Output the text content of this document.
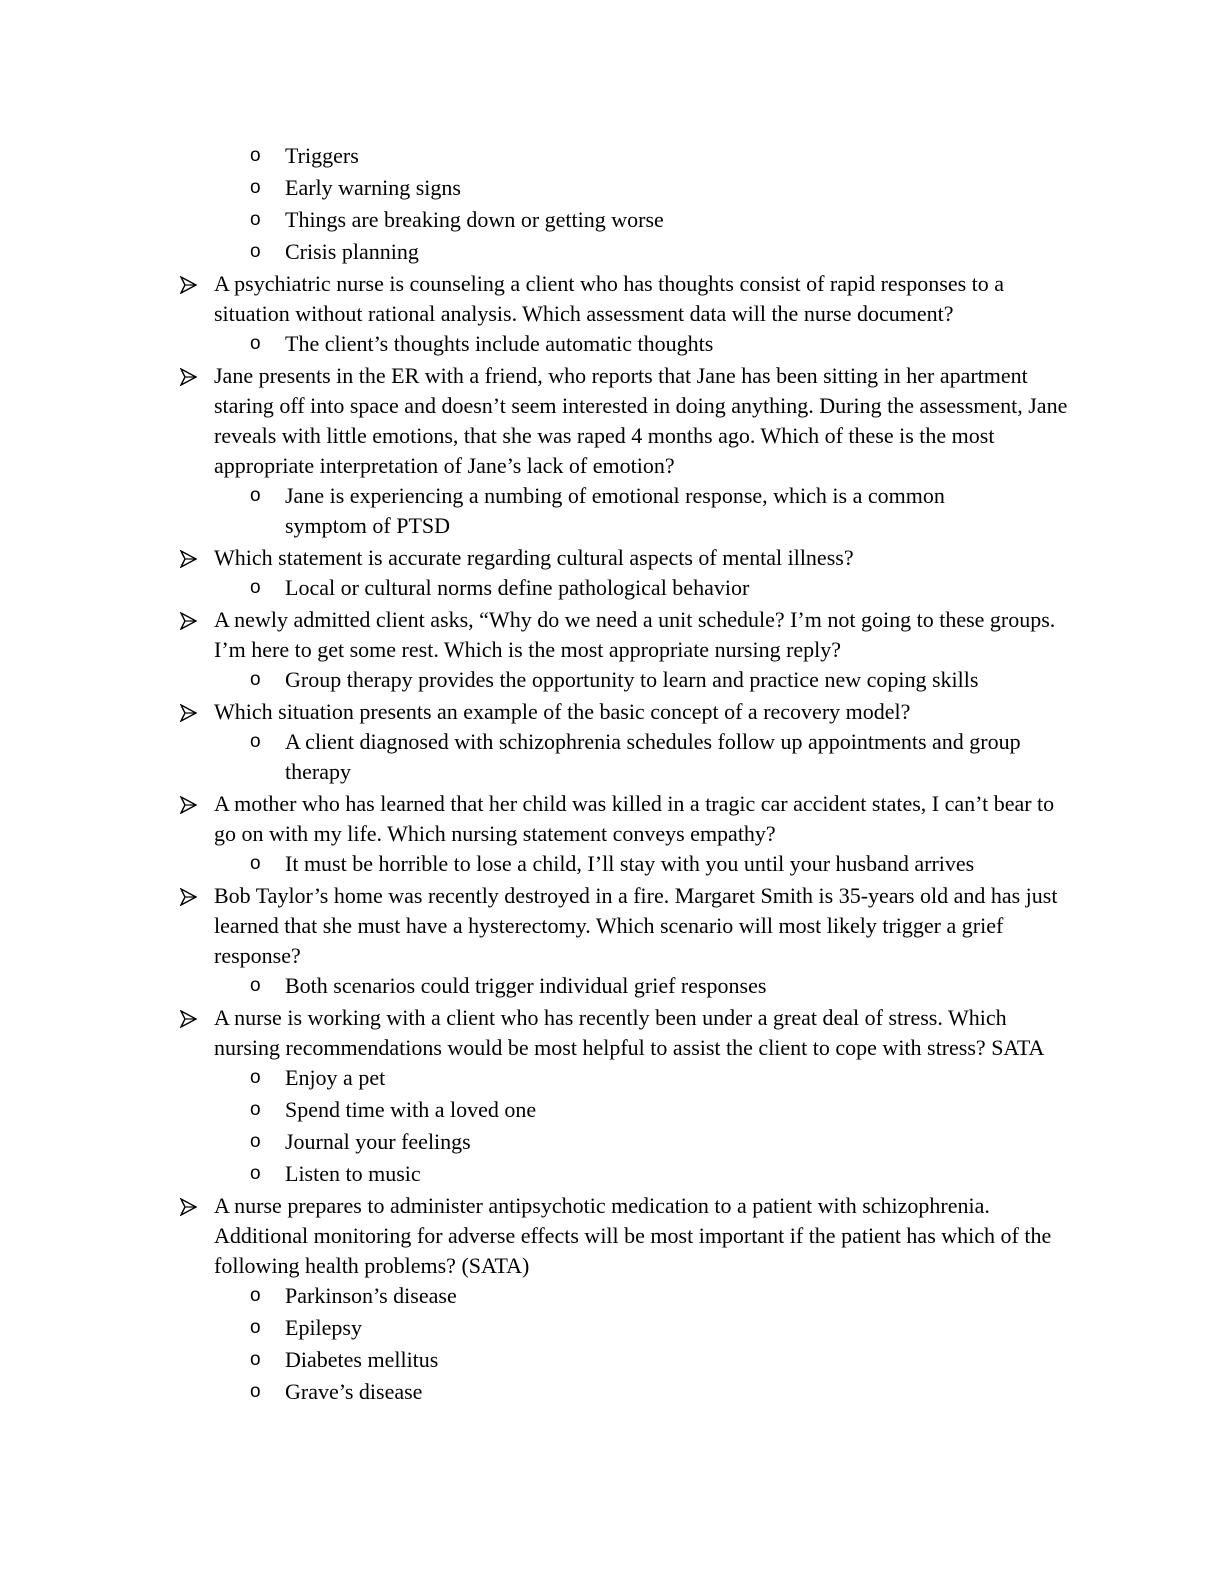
o Triggers
o Early warning signs
o Things are breaking down or getting worse
o Crisis planning
A psychiatric nurse is counseling a client who has thoughts consist of rapid responses to a situation without rational analysis. Which assessment data will the nurse document?
o The client’s thoughts include automatic thoughts
Jane presents in the ER with a friend, who reports that Jane has been sitting in her apartment staring off into space and doesn’t seem interested in doing anything. During the assessment, Jane reveals with little emotions, that she was raped 4 months ago. Which of these is the most appropriate interpretation of Jane’s lack of emotion?
o Jane is experiencing a numbing of emotional response, which is a common symptom of PTSD
Which statement is accurate regarding cultural aspects of mental illness?
o Local or cultural norms define pathological behavior
A newly admitted client asks, “Why do we need a unit schedule? I’m not going to these groups. I’m here to get some rest. Which is the most appropriate nursing reply?
o Group therapy provides the opportunity to learn and practice new coping skills
Which situation presents an example of the basic concept of a recovery model?
o A client diagnosed with schizophrenia schedules follow up appointments and group therapy
A mother who has learned that her child was killed in a tragic car accident states, I can’t bear to go on with my life. Which nursing statement conveys empathy?
o It must be horrible to lose a child, I’ll stay with you until your husband arrives
Bob Taylor’s home was recently destroyed in a fire. Margaret Smith is 35-years old and has just learned that she must have a hysterectomy. Which scenario will most likely trigger a grief response?
o Both scenarios could trigger individual grief responses
A nurse is working with a client who has recently been under a great deal of stress. Which nursing recommendations would be most helpful to assist the client to cope with stress? SATA
o Enjoy a pet
o Spend time with a loved one
o Journal your feelings
o Listen to music
A nurse prepares to administer antipsychotic medication to a patient with schizophrenia. Additional monitoring for adverse effects will be most important if the patient has which of the following health problems? (SATA)
o Parkinson’s disease
o Epilepsy
o Diabetes mellitus
o Grave’s disease
